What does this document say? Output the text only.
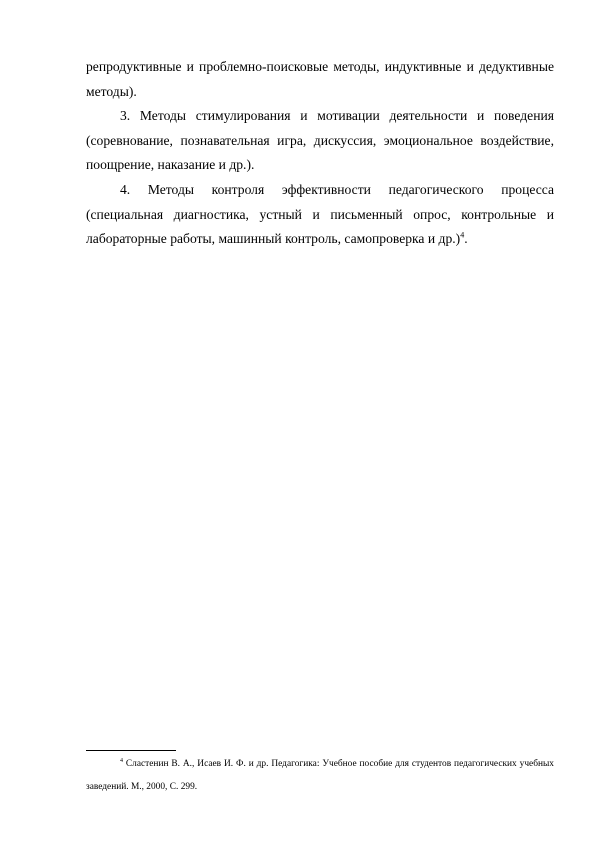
репродуктивные и проблемно-поисковые методы, индуктивные и дедуктивные методы).

3. Методы стимулирования и мотивации деятельности и поведения (соревнование, познавательная игра, дискуссия, эмоциональное воздействие, поощрение, наказание и др.).

4. Методы контроля эффективности педагогического процесса (специальная диагностика, устный и письменный опрос, контрольные и лабораторные работы, машинный контроль, самопроверка и др.)$^4$.

$^4$ Сластенин В. А., Исаев И. Ф. и др. Педагогика: Учебное пособие для студентов педагогических учебных заведений. М., 2000, С. 299.
